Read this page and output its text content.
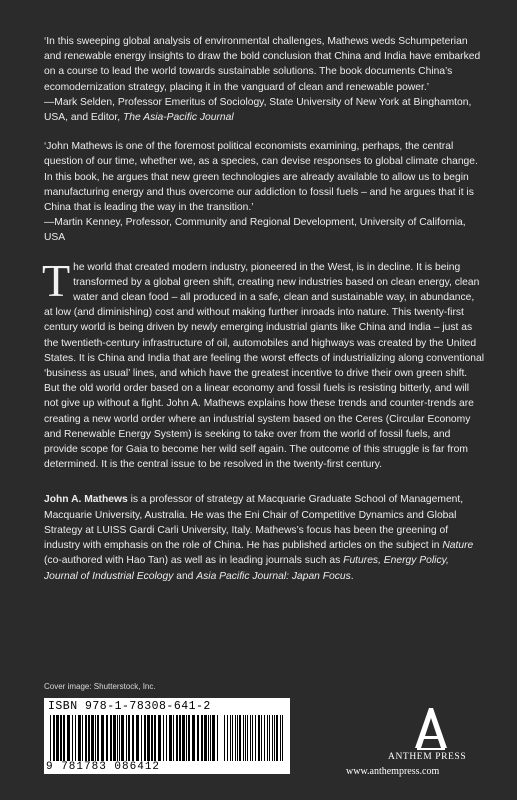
‘In this sweeping global analysis of environmental challenges, Mathews weds Schumpeterian and renewable energy insights to draw the bold conclusion that China and India have embarked on a course to lead the world towards sustainable solutions. The book documents China’s ecomodernization strategy, placing it in the vanguard of clean and renewable power.’
—Mark Selden, Professor Emeritus of Sociology, State University of New York at Binghamton, USA, and Editor, The Asia-Pacific Journal

‘John Mathews is one of the foremost political economists examining, perhaps, the central question of our time, whether we, as a species, can devise responses to global climate change. In this book, he argues that new green technologies are already available to allow us to begin manufacturing energy and thus overcome our addiction to fossil fuels – and he argues that it is China that is leading the way in the transition.’
—Martin Kenney, Professor, Community and Regional Development, University of California, USA

The world that created modern industry, pioneered in the West, is in decline. It is being transformed by a global green shift, creating new industries based on clean energy, clean water and clean food – all produced in a safe, clean and sustainable way, in abundance, at low (and diminishing) cost and without making further inroads into nature. This twenty-first century world is being driven by newly emerging industrial giants like China and India – just as the twentieth-century infrastructure of oil, automobiles and highways was created by the United States. It is China and India that are feeling the worst effects of industrializing along conventional ‘business as usual’ lines, and which have the greatest incentive to drive their own green shift. But the old world order based on a linear economy and fossil fuels is resisting bitterly, and will not give up without a fight. John A. Mathews explains how these trends and counter-trends are creating a new world order where an industrial system based on the Ceres (Circular Economy and Renewable Energy System) is seeking to take over from the world of fossil fuels, and provide scope for Gaia to become her wild self again. The outcome of this struggle is far from determined. It is the central issue to be resolved in the twenty-first century.

John A. Mathews is a professor of strategy at Macquarie Graduate School of Management, Macquarie University, Australia. He was the Eni Chair of Competitive Dynamics and Global Strategy at LUISS Gardi Carli University, Italy. Mathews’s focus has been the greening of industry with emphasis on the role of China. He has published articles on the subject in Nature (co-authored with Hao Tan) as well as in leading journals such as Futures, Energy Policy, Journal of Industrial Ecology and Asia Pacific Journal: Japan Focus.

Cover image: Shutterstock, Inc.
ISBN 978-1-78308-641-2
9 781783 086412
ANTHEM PRESS
www.anthempress.com
